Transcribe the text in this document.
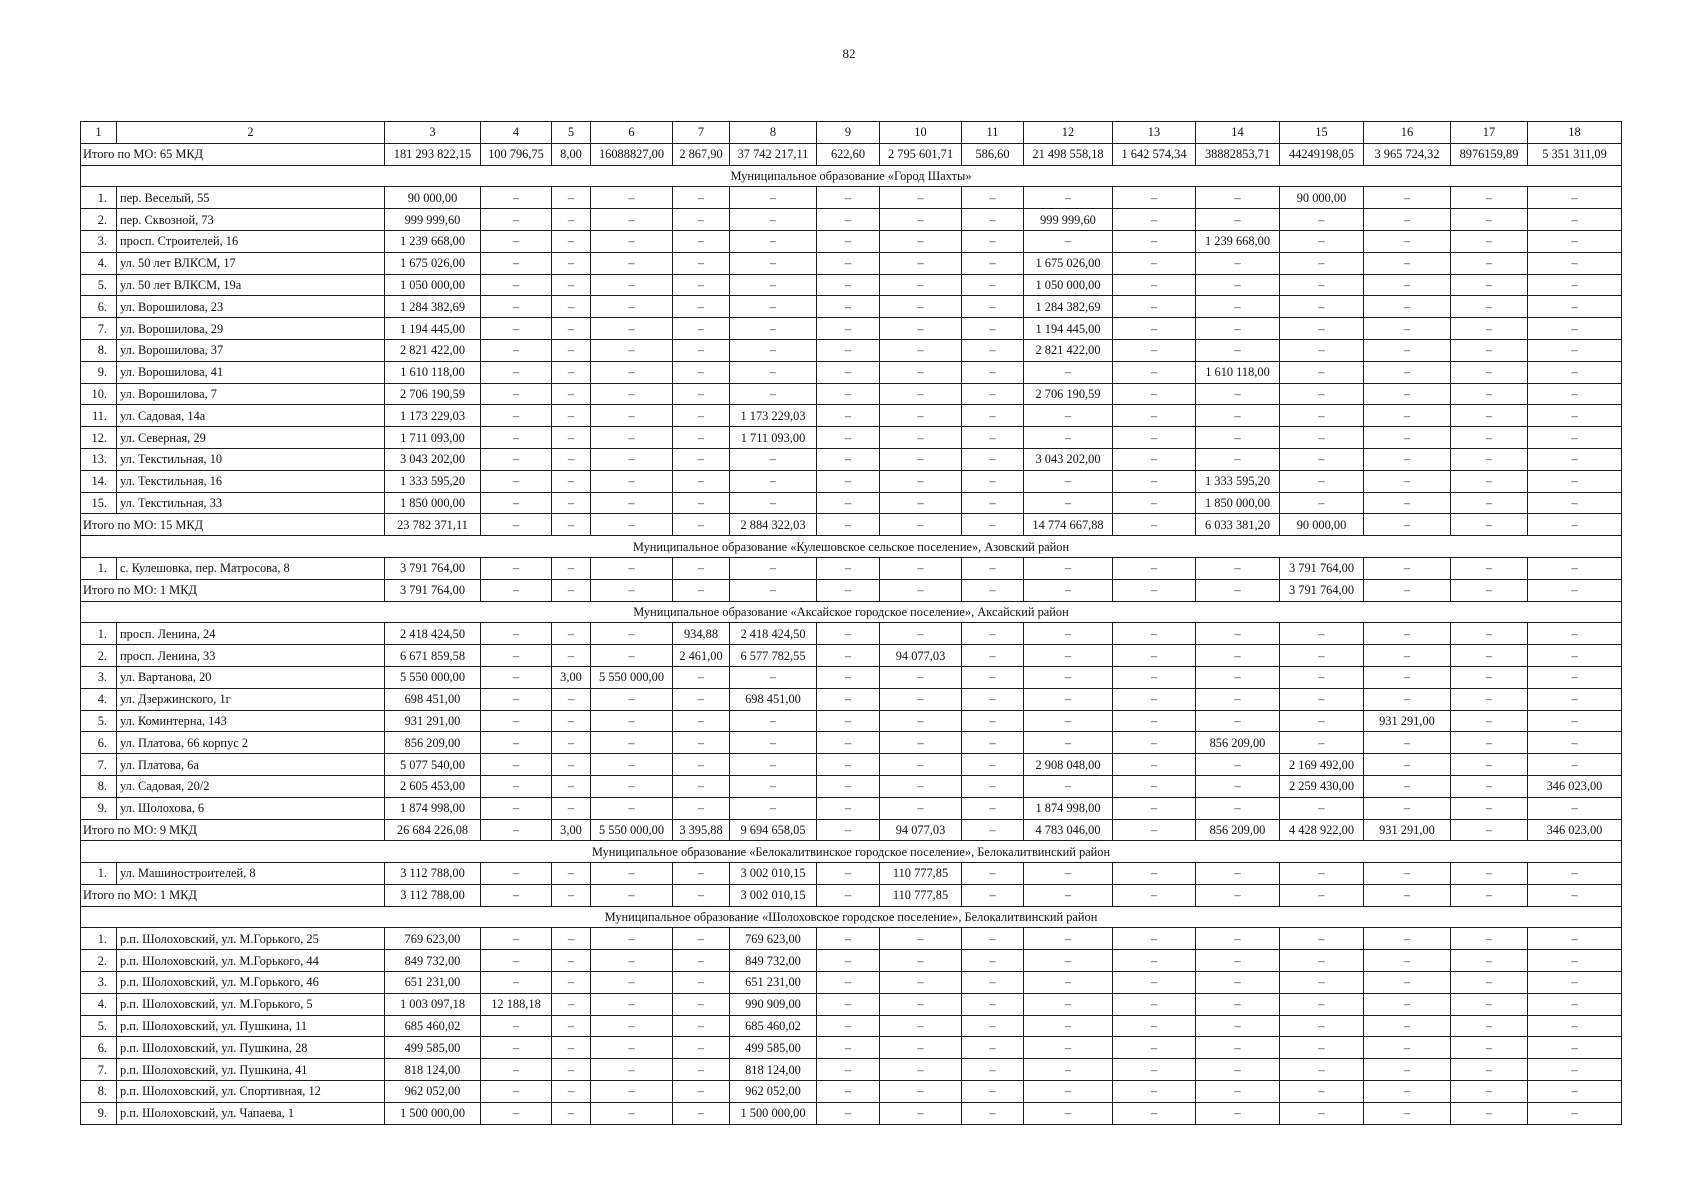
82
1	2	3	4	5	6	7	8	9	10	11	12	13	14	15	16	17	18
Итого по МО: 65 МКД		181 293 822,15	100 796,75	8,00	16088827,00	2 867,90	37 742 217,11	622,60	2 795 601,71	586,60	21 498 558,18	1 642 574,34	38882853,71	44249198,05	3 965 724,32	8976159,89	5 351 311,09
Муниципальное образование «Город Шахты»																	
1.	пер. Веселый, 55	90 000,00	–	–	–	–	–	–	–	–	–	–	–	90 000,00	–	–	–
2.	пер. Сквозной, 73	999 999,60	–	–	–	–	–	–	–	–	999 999,60	–	–	–	–	–	–
3.	просп. Строителей, 16	1 239 668,00	–	–	–	–	–	–	–	–	–	–	1 239 668,00	–	–	–	–
4.	ул. 50 лет ВЛКСМ, 17	1 675 026,00	–	–	–	–	–	–	–	–	1 675 026,00	–	–	–	–	–	–
5.	ул. 50 лет ВЛКСМ, 19а	1 050 000,00	–	–	–	–	–	–	–	–	1 050 000,00	–	–	–	–	–	–
6.	ул. Ворошилова, 23	1 284 382,69	–	–	–	–	–	–	–	–	1 284 382,69	–	–	–	–	–	–
7.	ул. Ворошилова, 29	1 194 445,00	–	–	–	–	–	–	–	–	1 194 445,00	–	–	–	–	–	–
8.	ул. Ворошилова, 37	2 821 422,00	–	–	–	–	–	–	–	–	2 821 422,00	–	–	–	–	–	–
9.	ул. Ворошилова, 41	1 610 118,00	–	–	–	–	–	–	–	–	–	–	1 610 118,00	–	–	–	–
10.	ул. Ворошилова, 7	2 706 190,59	–	–	–	–	–	–	–	–	2 706 190,59	–	–	–	–	–	–
11.	ул. Садовая, 14а	1 173 229,03	–	–	–	–	1 173 229,03	–	–	–	–	–	–	–	–	–	–
12.	ул. Северная, 29	1 711 093,00	–	–	–	–	1 711 093,00	–	–	–	–	–	–	–	–	–	–
13.	ул. Текстильная, 10	3 043 202,00	–	–	–	–	–	–	–	–	3 043 202,00	–	–	–	–	–	–
14.	ул. Текстильная, 16	1 333 595,20	–	–	–	–	–	–	–	–	–	–	1 333 595,20	–	–	–	–
15.	ул. Текстильная, 33	1 850 000,00	–	–	–	–	–	–	–	–	–	–	1 850 000,00	–	–	–	–
Итого по МО: 15 МКД		23 782 371,11	–	–	–	–	2 884 322,03	–	–	–	14 774 667,88	–	6 033 381,20	90 000,00	–	–	–
Муниципальное образование «Кулешовское сельское поселение», Азовский район																	
1.	с. Кулешовка, пер. Матросова, 8	3 791 764,00	–	–	–	–	–	–	–	–	–	–	–	3 791 764,00	–	–	–
Итого по МО: 1 МКД		3 791 764,00	–	–	–	–	–	–	–	–	–	–	–	3 791 764,00	–	–	–
Муниципальное образование «Аксайское городское поселение», Аксайский район																	
1.	просп. Ленина, 24	2 418 424,50	–	–	–	934,88	2 418 424,50	–	–	–	–	–	–	–	–	–	–
2.	просп. Ленина, 33	6 671 859,58	–	–	–	2 461,00	6 577 782,55	–	94 077,03	–	–	–	–	–	–	–	–
3.	ул. Вартанова, 20	5 550 000,00	–	3,00	5 550 000,00	–	–	–	–	–	–	–	–	–	–	–	–
4.	ул. Дзержинского, 1г	698 451,00	–	–	–	–	698 451,00	–	–	–	–	–	–	–	–	–	–
5.	ул. Коминтерна, 143	931 291,00	–	–	–	–	–	–	–	–	–	–	–	–	931 291,00	–	–
6.	ул. Платова, 66 корпус 2	856 209,00	–	–	–	–	–	–	–	–	–	–	856 209,00	–	–	–	–
7.	ул. Платова, 6а	5 077 540,00	–	–	–	–	–	–	–	–	2 908 048,00	–	–	2 169 492,00	–	–	–
8.	ул. Садовая, 20/2	2 605 453,00	–	–	–	–	–	–	–	–	–	–	–	2 259 430,00	–	–	346 023,00
9.	ул. Шолохова, 6	1 874 998,00	–	–	–	–	–	–	–	–	1 874 998,00	–	–	–	–	–	–
Итого по МО: 9 МКД		26 684 226,08	–	3,00	5 550 000,00	3 395,88	9 694 658,05	–	94 077,03	–	4 783 046,00	–	856 209,00	4 428 922,00	931 291,00	–	346 023,00
Муниципальное образование «Белокалитвинское городское поселение», Белокалитвинский район																	
1.	ул. Машиностроителей, 8	3 112 788,00	–	–	–	–	3 002 010,15	–	110 777,85	–	–	–	–	–	–	–	–
Итого по МО: 1 МКД		3 112 788,00	–	–	–	–	3 002 010,15	–	110 777,85	–	–	–	–	–	–	–	–
Муниципальное образование «Шолоховское городское поселение», Белокалитвинский район																	
1.	р.п. Шолоховский, ул. М.Горького, 25	769 623,00	–	–	–	–	769 623,00	–	–	–	–	–	–	–	–	–	–
2.	р.п. Шолоховский, ул. М.Горького, 44	849 732,00	–	–	–	–	849 732,00	–	–	–	–	–	–	–	–	–	–
3.	р.п. Шолоховский, ул. М.Горького, 46	651 231,00	–	–	–	–	651 231,00	–	–	–	–	–	–	–	–	–	–
4.	р.п. Шолоховский, ул. М.Горького, 5	1 003 097,18	12 188,18	–	–	–	990 909,00	–	–	–	–	–	–	–	–	–	–
5.	р.п. Шолоховский, ул. Пушкина, 11	685 460,02	–	–	–	–	685 460,02	–	–	–	–	–	–	–	–	–	–
6.	р.п. Шолоховский, ул. Пушкина, 28	499 585,00	–	–	–	–	499 585,00	–	–	–	–	–	–	–	–	–	–
7.	р.п. Шолоховский, ул. Пушкина, 41	818 124,00	–	–	–	–	818 124,00	–	–	–	–	–	–	–	–	–	–
8.	р.п. Шолоховский, ул. Спортивная, 12	962 052,00	–	–	–	–	962 052,00	–	–	–	–	–	–	–	–	–	–
9.	р.п. Шолоховский, ул. Чапаева, 1	1 500 000,00	–	–	–	–	1 500 000,00	–	–	–	–	–	–	–	–	–	–
